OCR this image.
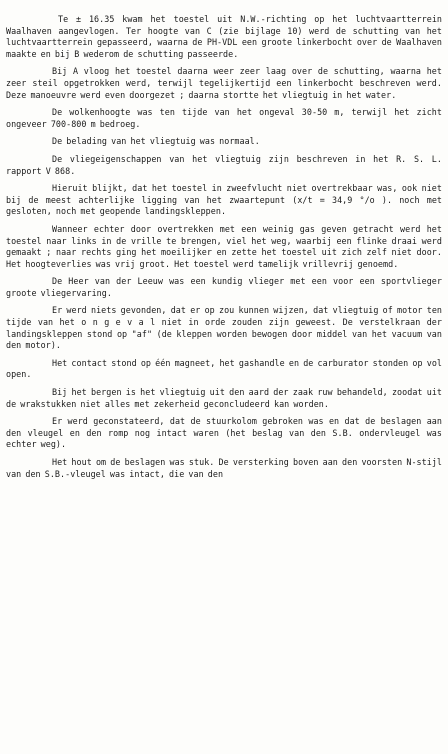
Te ± 16.35 kwam het toestel uit N.W.-richting op het luchtvaartterrein Waalhaven aangevlogen. Ter hoogte van C (zie bijlage 10) werd de schutting van het luchtvaartterrein gepasseerd, waarna de PH-VDL een groote linkerbocht over de Waalhaven maakte en bij B wederom de schutting passeerde.

Bij A vloog het toestel daarna weer zeer laag over de schutting, waarna het zeer steil opgetrokken werd, terwijl tegelijkertijd een linkerbocht beschreven werd. Deze manoeuvre werd even doorgezet ; daarna stortte het vliegtuig in het water.

De wolkenhoogte was ten tijde van het ongeval 30-50 m, terwijl het zicht ongeveer 700-800 m bedroeg.

De belading van het vliegtuig was normaal.

De vliegeigenschappen van het vliegtuig zijn beschreven in het R. S. L. rapport V 868.

Hieruit blijkt, dat het toestel in zweefvlucht niet overtrekbaar was, ook niet bij de meest achterlijke ligging van het zwaartepunt (x/t = 34,9 °/o ). noch met gesloten, noch met geopende landingskleppen.

Wanneer echter door overtrekken met een weinig gas geven getracht werd het toestel naar links in de vrille te brengen, viel het weg, waarbij een flinke draai werd gemaakt ; naar rechts ging het moeilijker en zette het toestel uit zich zelf niet door. Het hoogteverlies was vrij groot. Het toestel werd tamelijk vrillevrij genoemd.

De Heer van der Leeuw was een kundig vlieger met een voor een sportvlieger groote vliegervaring.

Er werd niets gevonden, dat er op zou kunnen wijzen, dat vliegtuig of motor ten tijde van het o n g e v a l niet in orde zouden zijn geweest. De verstelkraan der landingskleppen stond op "af" (de kleppen worden bewogen door middel van het vacuum van den motor).

Het contact stond op één magneet, het gashandle en de carburator stonden op vol open.

Bij het bergen is het vliegtuig uit den aard der zaak ruw behandeld, zoodat uit de wrakstukken niet alles met zekerheid geconcludeerd kan worden.

Er werd geconstateerd, dat de stuurkolom gebroken was en dat de beslagen aan den vleugel en den romp nog intact waren (het beslag van den S.B. ondervleugel was echter weg).

Het hout om de beslagen was stuk. De versterking boven aan den voorsten N-stijl van den S.B.-vleugel was intact, die van den
